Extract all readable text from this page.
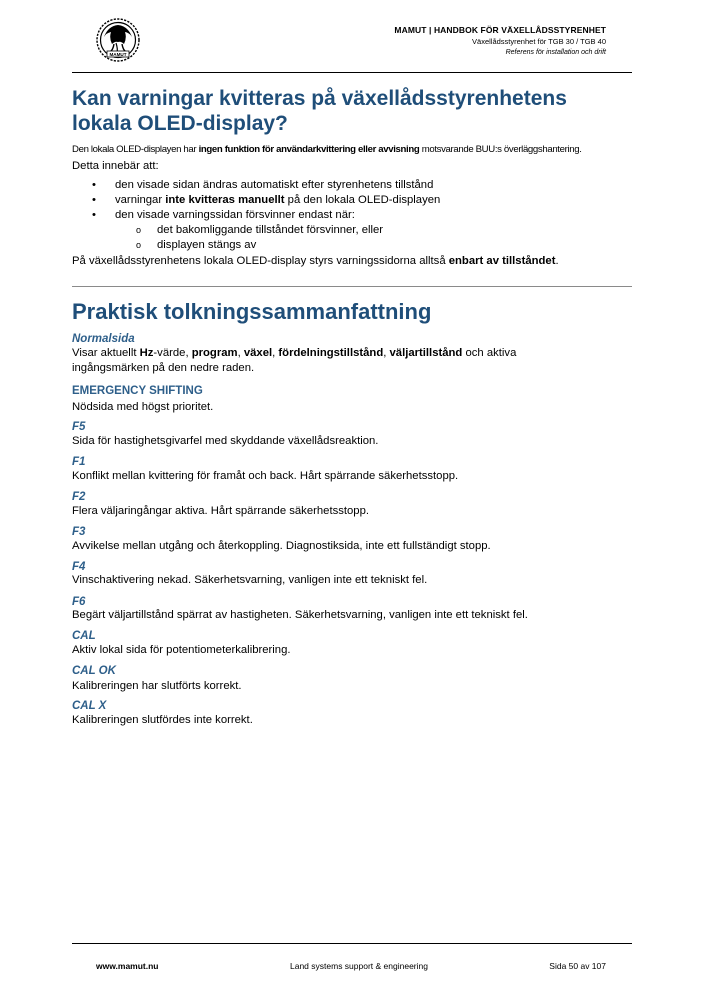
MAMUT
MAMUT | HANDBOK FÖR VÄXELLÅDSSTYRENHET
Växellådsstyrenhet för TGB 30 / TGB 40
Referens för installation och drift
Kan varningar kvitteras på växellådsstyrenhetens
lokala OLED-display?

Den lokala OLED-displayen har ingen funktion för användarkvittering eller avvisning motsvarande BUU:s överläggshantering.

Detta innebär att:

• den visade sidan ändras automatiskt efter styrenhetens tillstånd
• varningar inte kvitteras manuellt på den lokala OLED-displayen
• den visade varningssidan försvinner endast när:
o det bakomliggande tillståndet försvinner, eller
o displayen stängs av

På växellådsstyrenhetens lokala OLED-display styrs varningssidorna alltså enbart av tillståndet.

Praktisk tolkningssammanfattning
Normalsida
Visar aktuellt Hz-värde, program, växel, fördelningstillstånd, väljartillstånd och aktiva
ingångsmärken på den nedre raden.
EMERGENCY SHIFTING
Nödsida med högst prioritet.
F5
Sida för hastighetsgivarfel med skyddande växellådsreaktion.
F1
Konflikt mellan kvittering för framåt och back. Hårt spärrande säkerhetsstopp.
F2
Flera väljaringångar aktiva. Hårt spärrande säkerhetsstopp.
F3
Avvikelse mellan utgång och återkoppling. Diagnostiksida, inte ett fullständigt stopp.
F4
Vinschaktivering nekad. Säkerhetsvarning, vanligen inte ett tekniskt fel.
F6
Begärt väljartillstånd spärrat av hastigheten. Säkerhetsvarning, vanligen inte ett tekniskt fel.
CAL
Aktiv lokal sida för potentiometerkalibrering.
CAL OK
Kalibreringen har slutförts korrekt.
CAL X
Kalibreringen slutfördes inte korrekt.
www.mamut.nu	Land systems support & engineering	Sida 50 av 107
